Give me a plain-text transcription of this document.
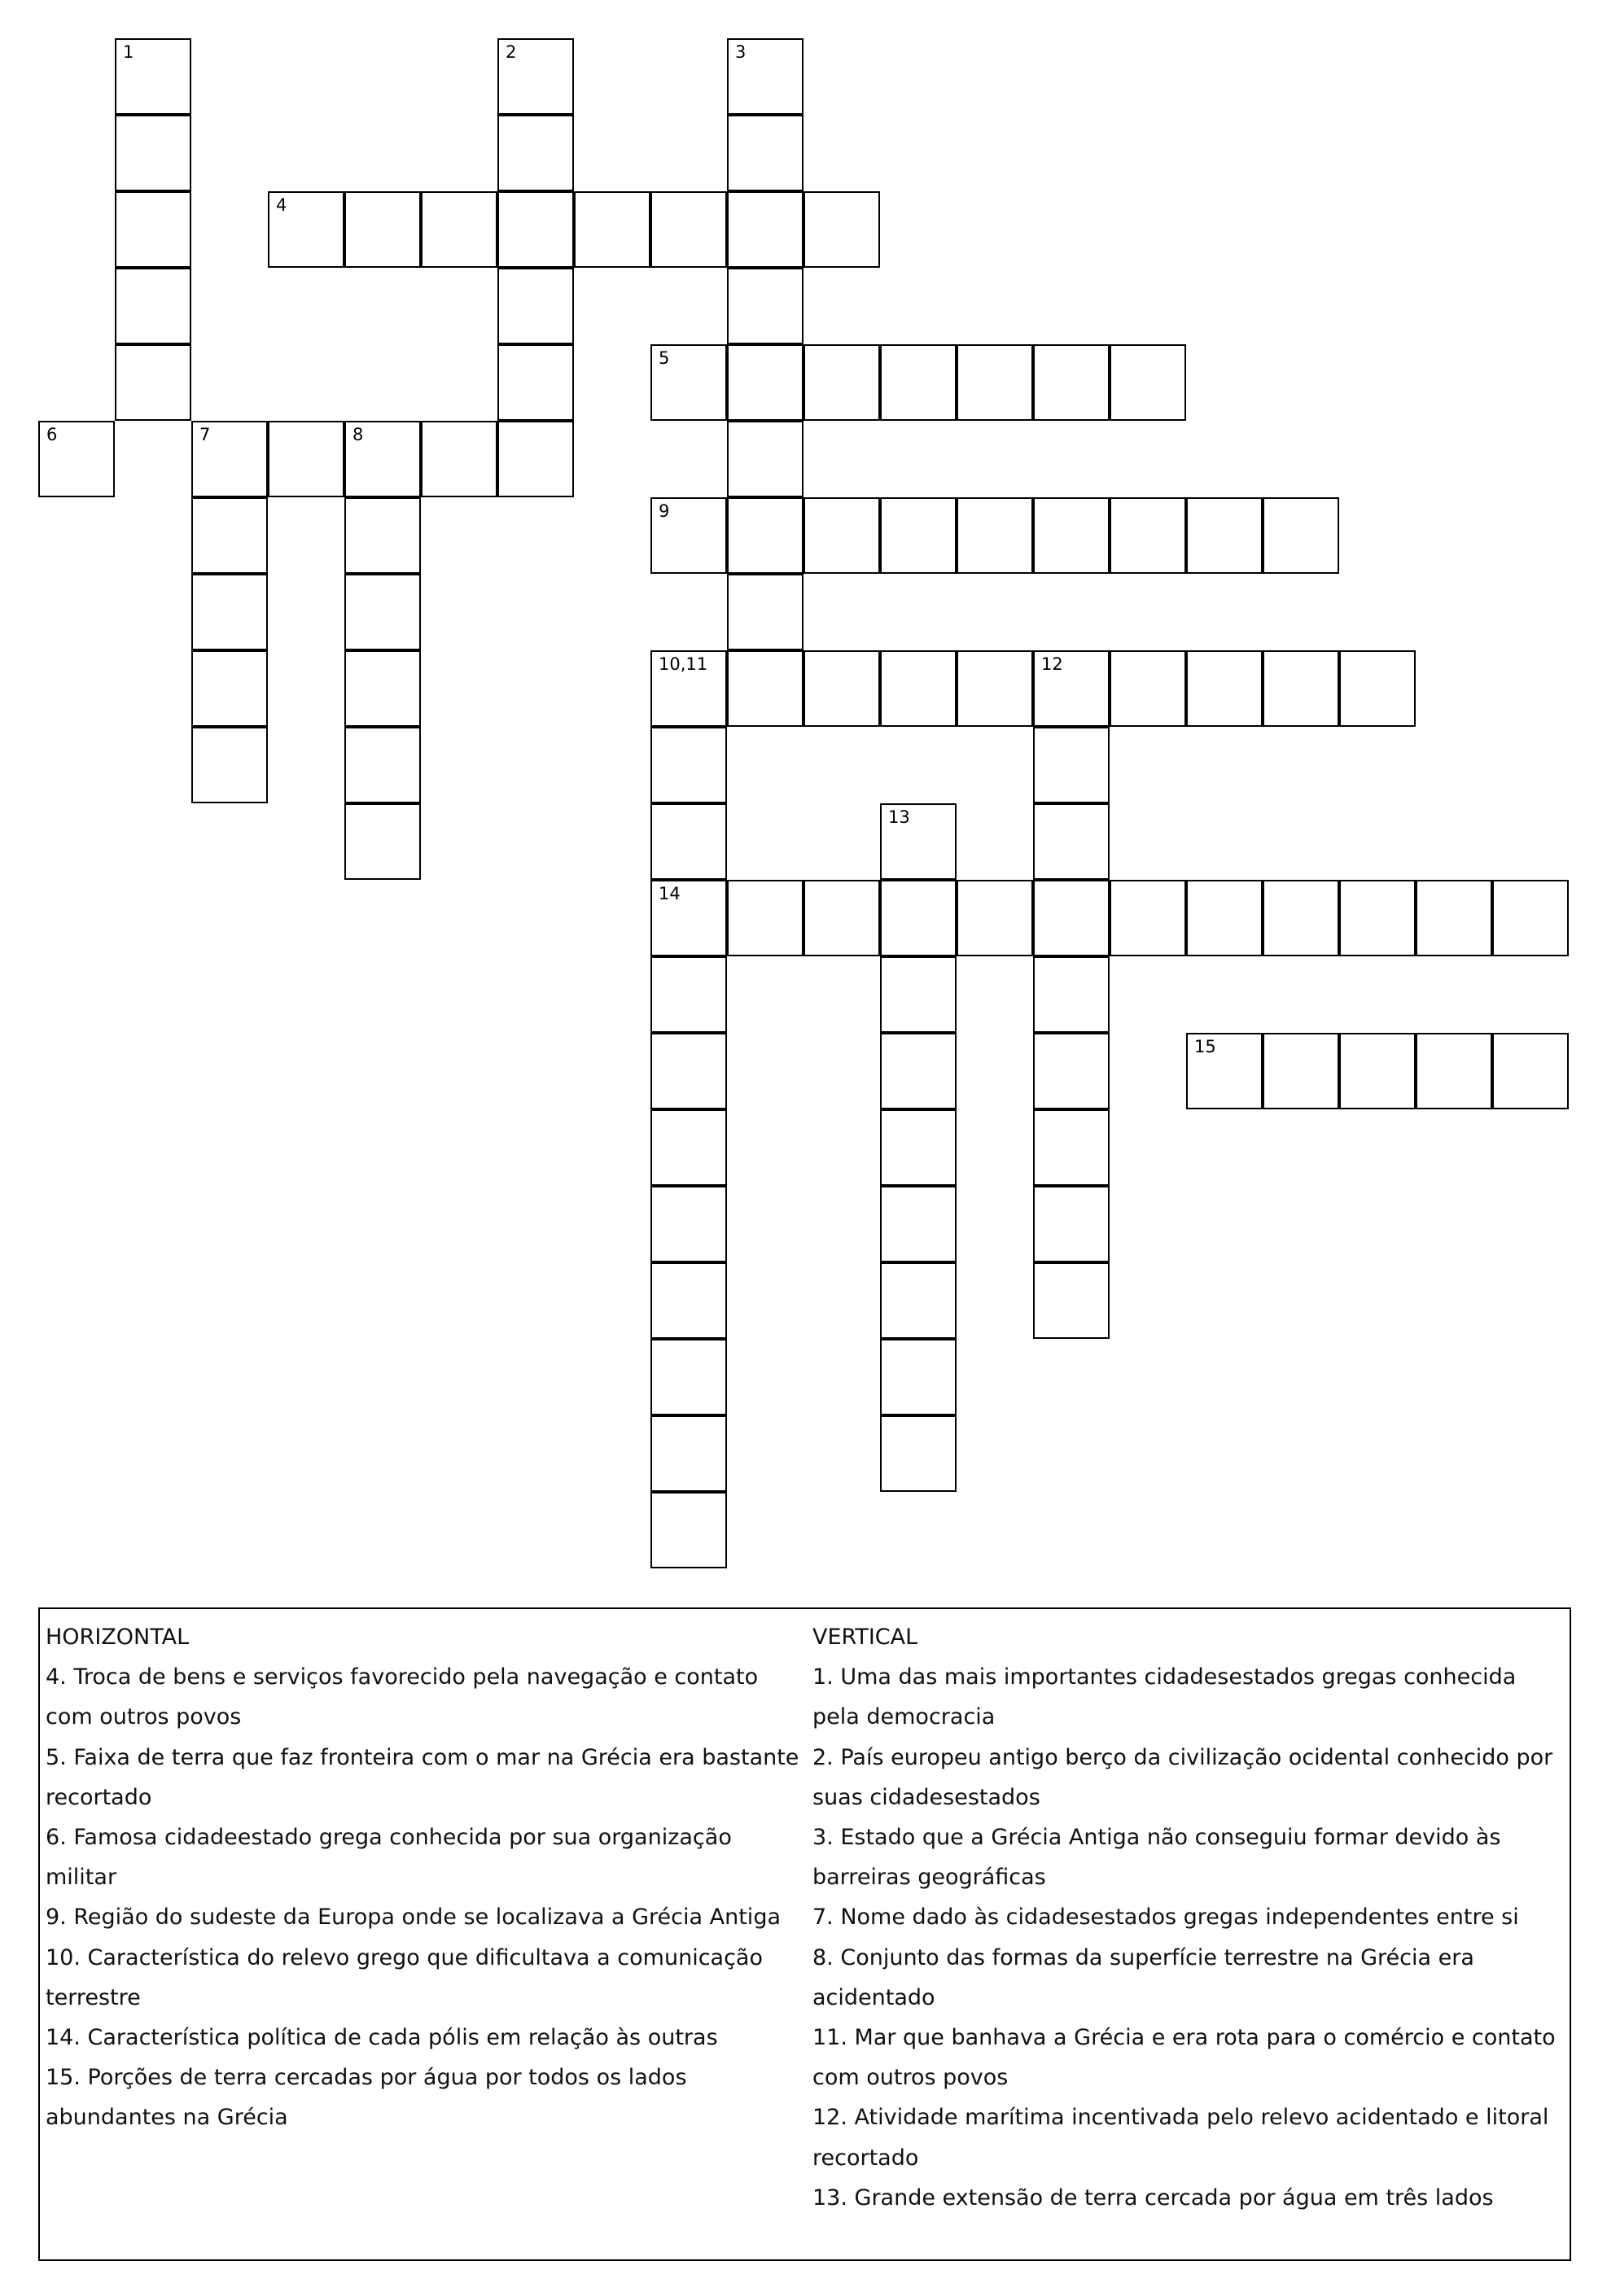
1	2	3
4
5
6	7	8
9
10,11	12
14
13
15

HORIZONTAL

4. Troca de bens e serviços favorecido pela navegação e contato com outros povos

5. Faixa de terra que faz fronteira com o mar na Grécia era bastante recortado

6. Famosa cidadeestado grega conhecida por sua organização militar

9. Região do sudeste da Europa onde se localizava a Grécia Antiga

10. Característica do relevo grego que dificultava a comunicação terrestre

14. Característica política de cada pólis em relação às outras

15. Porções de terra cercadas por água por todos os lados abundantes na Grécia

VERTICAL

1. Uma das mais importantes cidadesestados gregas conhecida pela democracia

2. País europeu antigo berço da civilização ocidental conhecido por suas cidadesestados

3. Estado que a Grécia Antiga não conseguiu formar devido às barreiras geográficas

7. Nome dado às cidadesestados gregas independentes entre si

8. Conjunto das formas da superfície terrestre na Grécia era acidentado

11. Mar que banhava a Grécia e era rota para o comércio e contato com outros povos

12. Atividade marítima incentivada pelo relevo acidentado e litoral recortado

13. Grande extensão de terra cercada por água em três lados
